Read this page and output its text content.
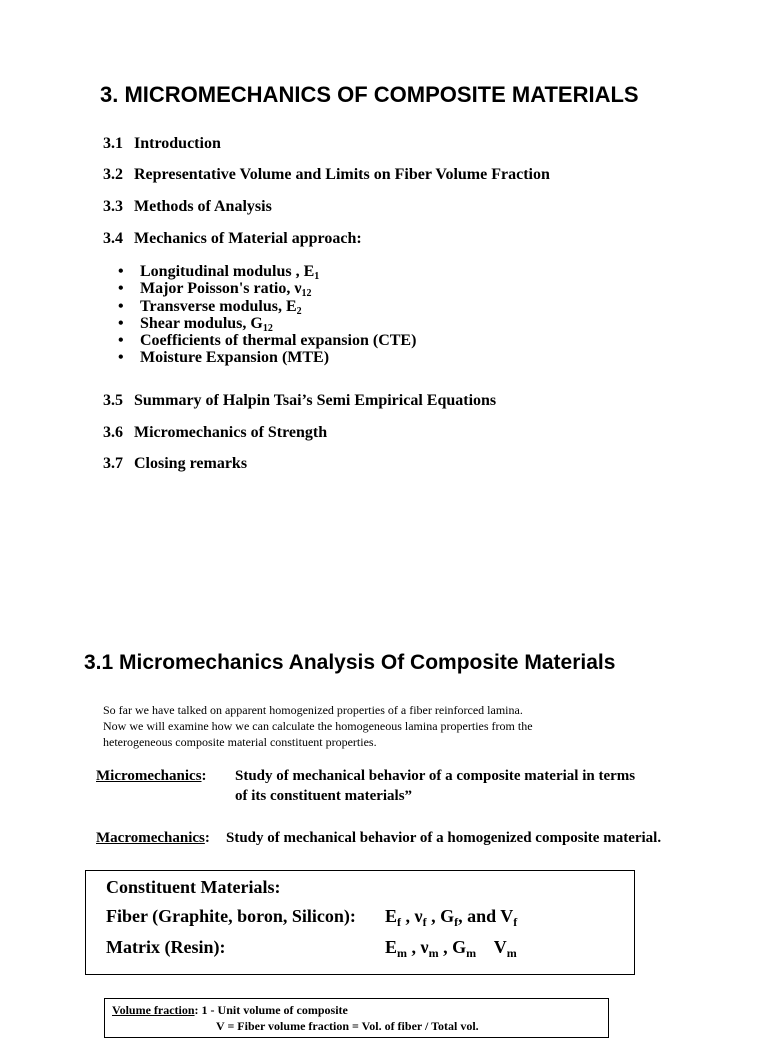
3. MICROMECHANICS OF COMPOSITE MATERIALS
3.1 Introduction
3.2 Representative Volume and Limits on Fiber Volume Fraction
3.3 Methods of Analysis
3.4 Mechanics of Material approach:
• Longitudinal modulus , $E_1$
• Major Poisson's ratio, $\nu_{12}$
• Transverse modulus, $E_2$
• Shear modulus, $G_{12}$
• Coefficients of thermal expansion (CTE)
• Moisture Expansion (MTE)
3.5 Summary of Halpin Tsai’s Semi Empirical Equations
3.6 Micromechanics of Strength
3.7 Closing remarks
3.1 Micromechanics Analysis Of Composite Materials
So far we have talked on apparent homogenized properties of a fiber reinforced lamina.
Now we will examine how we can calculate the homogeneous lamina properties from the
heterogeneous composite material constituent properties.
Micromechanics: Study of mechanical behavior of a composite material in terms
of its constituent materials”
Macromechanics: Study of mechanical behavior of a homogenized composite material.
Constituent Materials:
Fiber (Graphite, boron, Silicon): $E_f$ , $\nu_f$ , $G_f$, and $V_f$
Matrix (Resin):	$E_m$ , $\nu_m$ , $G_m$    $V_m$
Volume fraction: 1 - Unit volume of composite
V = Fiber volume fraction = Vol. of fiber / Total vol.
